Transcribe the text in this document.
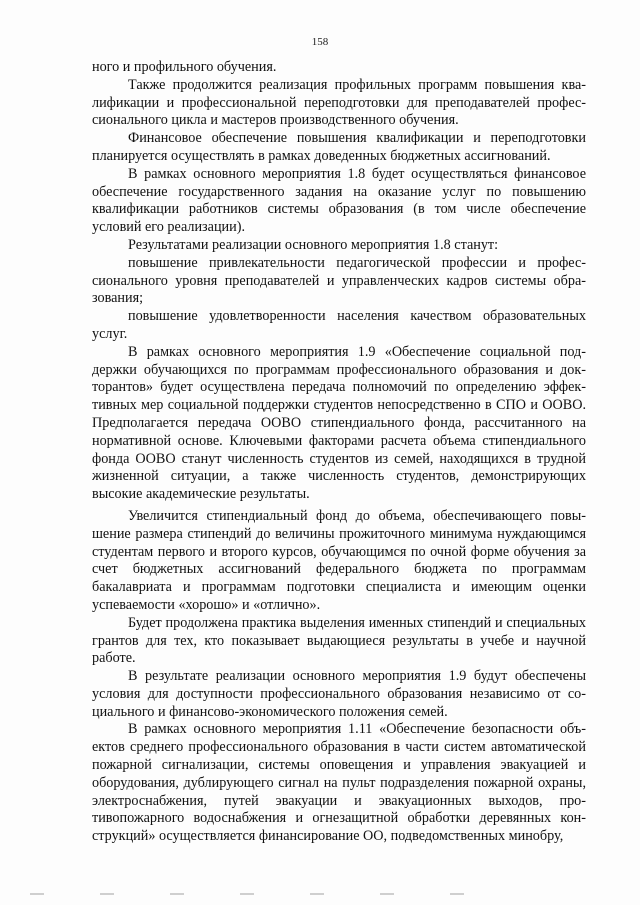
158

ного и профильного обучения.

Также продолжится реализация профильных программ повышения квалификации и профессиональной переподготовки для преподавателей профессионального цикла и мастеров производственного обучения.

Финансовое обеспечение повышения квалификации и переподготовки планируется осуществлять в рамках доведенных бюджетных ассигнований.

В рамках основного мероприятия 1.8 будет осуществляться финансовое обеспечение государственного задания на оказание услуг по повышению квалификации работников системы образования (в том числе обеспечение условий его реализации).

Результатами реализации основного мероприятия 1.8 станут:

повышение привлекательности педагогической профессии и профессионального уровня преподавателей и управленческих кадров системы образования;

повышение удовлетворенности населения качеством образовательных услуг.

В рамках основного мероприятия 1.9 «Обеспечение социальной поддержки обучающихся по программам профессионального образования и докторантов» будет осуществлена передача полномочий по определению эффективных мер социальной поддержки студентов непосредственно в СПО и ООВО. Предполагается передача ООВО стипендиального фонда, рассчитанного на нормативной основе. Ключевыми факторами расчета объема стипендиального фонда ООВО станут численность студентов из семей, находящихся в трудной жизненной ситуации, а также численность студентов, демонстрирующих высокие академические результаты.

Увеличится стипендиальный фонд до объема, обеспечивающего повышение размера стипендий до величины прожиточного минимума нуждающимся студентам первого и второго курсов, обучающимся по очной форме обучения за счет бюджетных ассигнований федерального бюджета по программам бакалавриата и программам подготовки специалиста и имеющим оценки успеваемости «хорошо» и «отлично».

Будет продолжена практика выделения именных стипендий и специальных грантов для тех, кто показывает выдающиеся результаты в учебе и научной работе.

В результате реализации основного мероприятия 1.9 будут обеспечены условия для доступности профессионального образования независимо от социального и финансово-экономического положения семей.

В рамках основного мероприятия 1.11 «Обеспечение безопасности объектов среднего профессионального образования в части систем автоматической пожарной сигнализации, системы оповещения и управления эвакуацией и оборудования, дублирующего сигнал на пульт подразделения пожарной охраны, электроснабжения, путей эвакуации и эвакуационных выходов, противопожарного водоснабжения и огнезащитной обработки деревянных конструкций» осуществляется финансирование ОО, подведомственных минобру,
